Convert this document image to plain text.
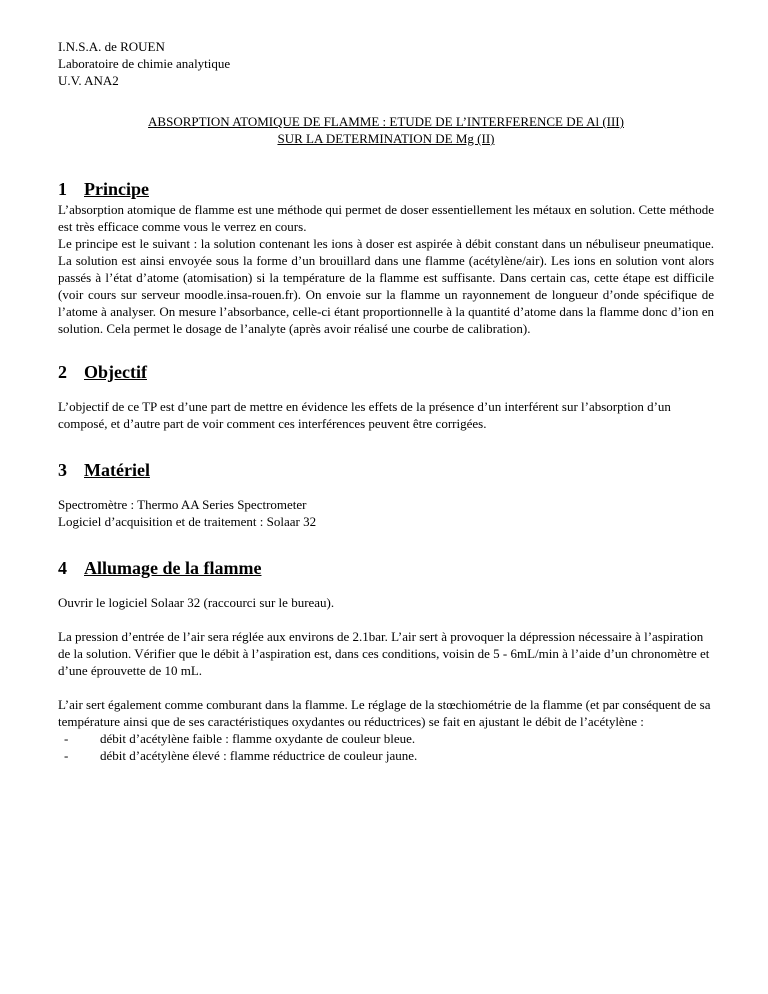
I.N.S.A. de ROUEN

Laboratoire de chimie analytique

U.V. ANA2

ABSORPTION ATOMIQUE DE FLAMME : ETUDE DE L’INTERFERENCE DE Al (III)
SUR LA DETERMINATION DE Mg (II)
1 Principe

L’absorption atomique de flamme est une méthode qui permet de doser essentiellement les métaux en solution. Cette méthode est très efficace comme vous le verrez en cours.

Le principe est le suivant : la solution contenant les ions à doser est aspirée à débit constant dans un nébuliseur pneumatique. La solution est ainsi envoyée sous la forme d’un brouillard dans une flamme (acétylène/air). Les ions en solution vont alors passés à l’état d’atome (atomisation) si la température de la flamme est suffisante. Dans certain cas, cette étape est difficile (voir cours sur serveur moodle.insa-rouen.fr). On envoie sur la flamme un rayonnement de longueur d’onde spécifique de l’atome à analyser. On mesure l’absorbance, celle-ci étant proportionnelle à la quantité d’atome dans la flamme donc d’ion en solution. Cela permet le dosage de l’analyte (après avoir réalisé une courbe de calibration).

2 Objectif

L’objectif de ce TP est d’une part de mettre en évidence les effets de la présence d’un interférent sur l’absorption d’un composé, et d’autre part de voir comment ces interférences peuvent être corrigées.

3 Matériel

Spectromètre : Thermo AA Series Spectrometer

Logiciel d’acquisition et de traitement : Solaar 32

4 Allumage de la flamme

Ouvrir le logiciel Solaar 32 (raccourci sur le bureau).

La pression d’entrée de l’air sera réglée aux environs de 2.1bar. L’air sert à provoquer la dépression nécessaire à l’aspiration de la solution. Vérifier que le débit à l’aspiration est, dans ces conditions, voisin de 5 - 6mL/min à l’aide d’un chronomètre et d’une éprouvette de 10 mL.

L’air sert également comme comburant dans la flamme. Le réglage de la stœchiométrie de la flamme (et par conséquent de sa température ainsi que de ses caractéristiques oxydantes ou réductrices) se fait en ajustant le débit de l’acétylène :

-	débit d’acétylène faible : flamme oxydante de couleur bleue.
-	débit d’acétylène élevé : flamme réductrice de couleur jaune.
